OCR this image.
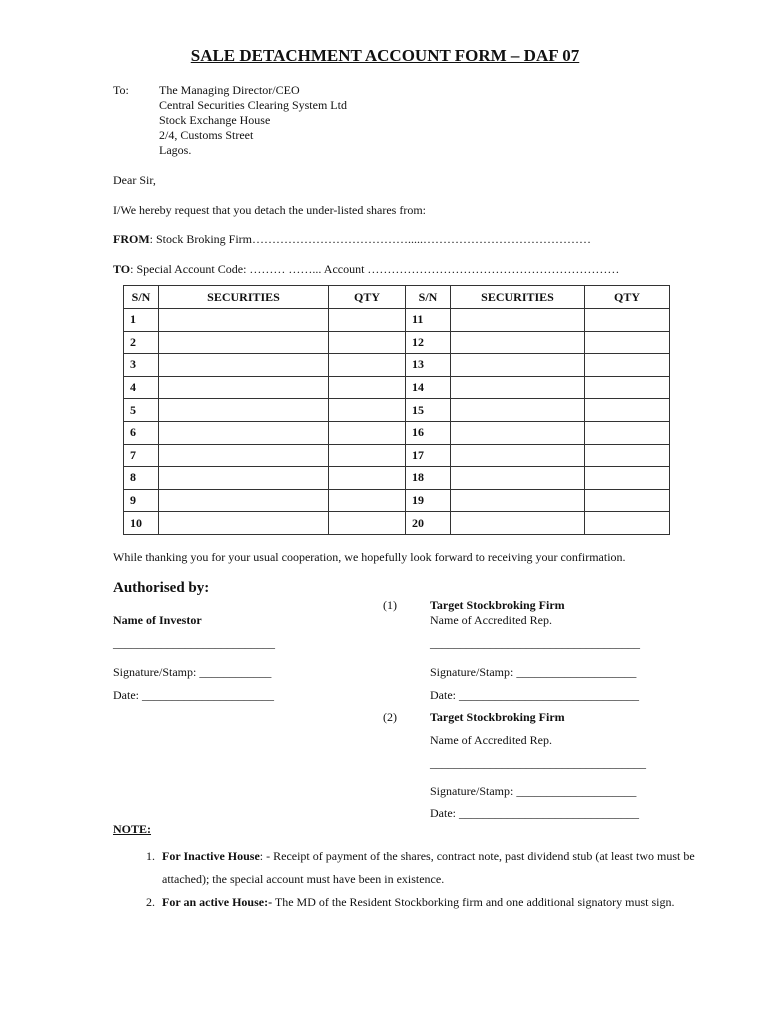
SALE DETACHMENT ACCOUNT FORM – DAF 07
To:	The Managing Director/CEO
Central Securities Clearing System Ltd
Stock Exchange House
2/4, Customs Street
Lagos.
Dear Sir,
I/We hereby request that you detach the under-listed shares from:
FROM: Stock Broking Firm………………………………….....……………………………………
TO: Special Account Code: ……… ……... Account ………………………………………………………
S/N	SECURITIES	QTY	S/N	SECURITIES	QTY
1			11		
2			12		
3			13		
4			14		
5			15		
6			16		
7			17		
8			18		
9			19		
10			20		
While thanking you for your usual cooperation, we hopefully look forward to receiving your confirmation.
Authorised by:
Name of Investor
___________________________
Signature/Stamp: ____________
Date: ______________________
(1)	Target Stockbroking Firm
Name of Accredited Rep.
___________________________________
Signature/Stamp: ____________________
Date: ______________________________
(2)	Target Stockbroking Firm
Name of Accredited Rep.
____________________________________
Signature/Stamp: ____________________
Date: ______________________________
NOTE:
1. For Inactive House: - Receipt of payment of the shares, contract note, past dividend stub (at least two must be attached); the special account must have been in existence.
2. For an active House:- The MD of the Resident Stockborking firm and one additional signatory must sign.
